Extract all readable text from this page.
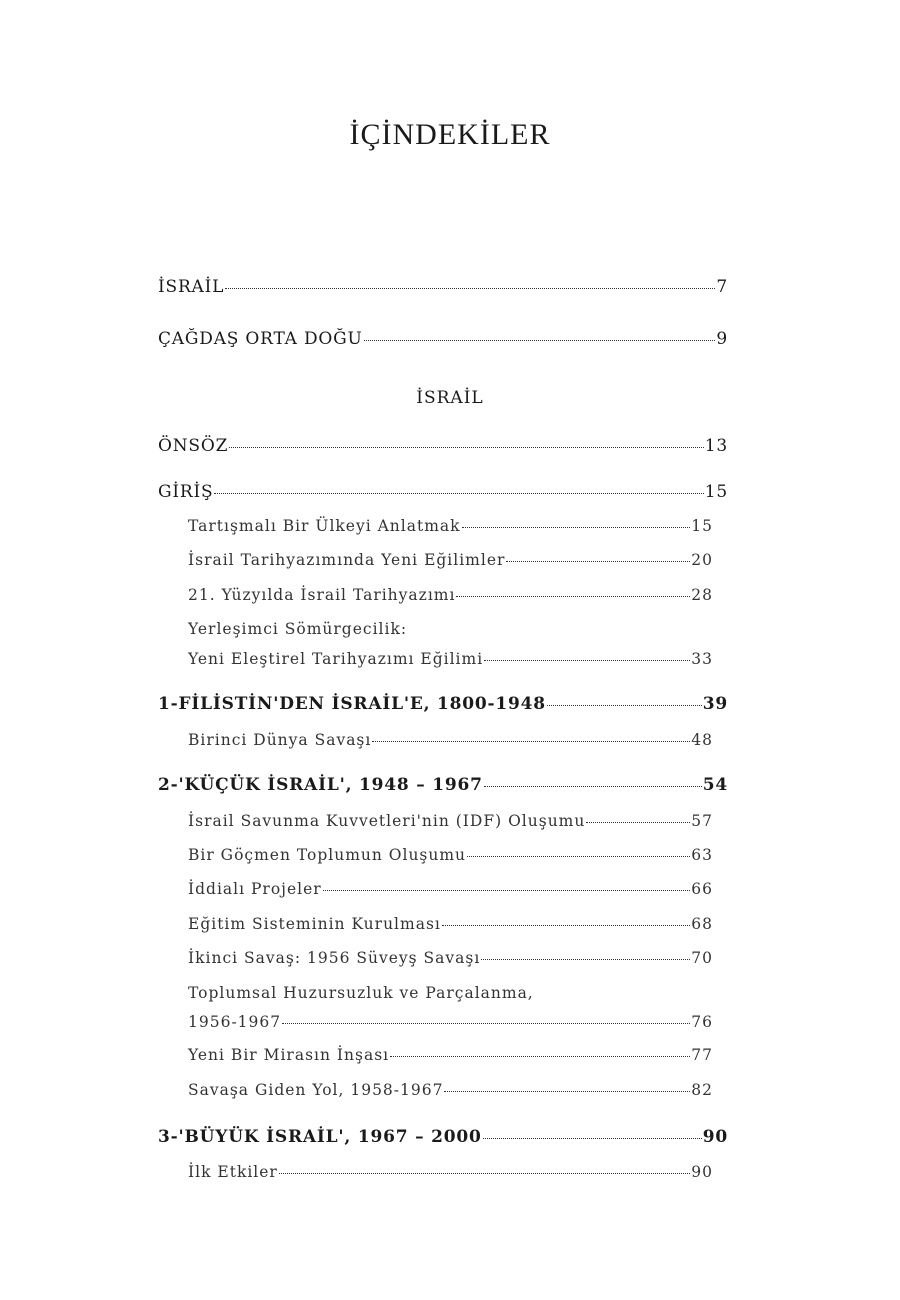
İÇİNDEKİLER
İSRAİL	7
ÇAĞDAŞ ORTA DOĞU	9
İSRAİL
ÖNSÖZ	13
GİRİŞ	15
Tartışmalı Bir Ülkeyi Anlatmak	15
İsrail Tarihyazımında Yeni Eğilimler	20
21. Yüzyılda İsrail Tarihyazımı	28
Yerleşimci Sömürgecilik:
Yeni Eleştirel Tarihyazımı Eğilimi	33
1-FİLİSTİN'DEN İSRAİL'E, 1800-1948	39
Birinci Dünya Savaşı	48
2-'KÜÇÜK İSRAİL', 1948 – 1967	54
İsrail Savunma Kuvvetleri'nin (IDF) Oluşumu	57
Bir Göçmen Toplumun Oluşumu	63
İddialı Projeler	66
Eğitim Sisteminin Kurulması	68
İkinci Savaş: 1956 Süveyş Savaşı	70
Toplumsal Huzursuzluk ve Parçalanma,
1956-1967	76
Yeni Bir Mirasın İnşası	77
Savaşa Giden Yol, 1958-1967	82
3-'BÜYÜK İSRAİL', 1967 – 2000	90
İlk Etkiler	90
